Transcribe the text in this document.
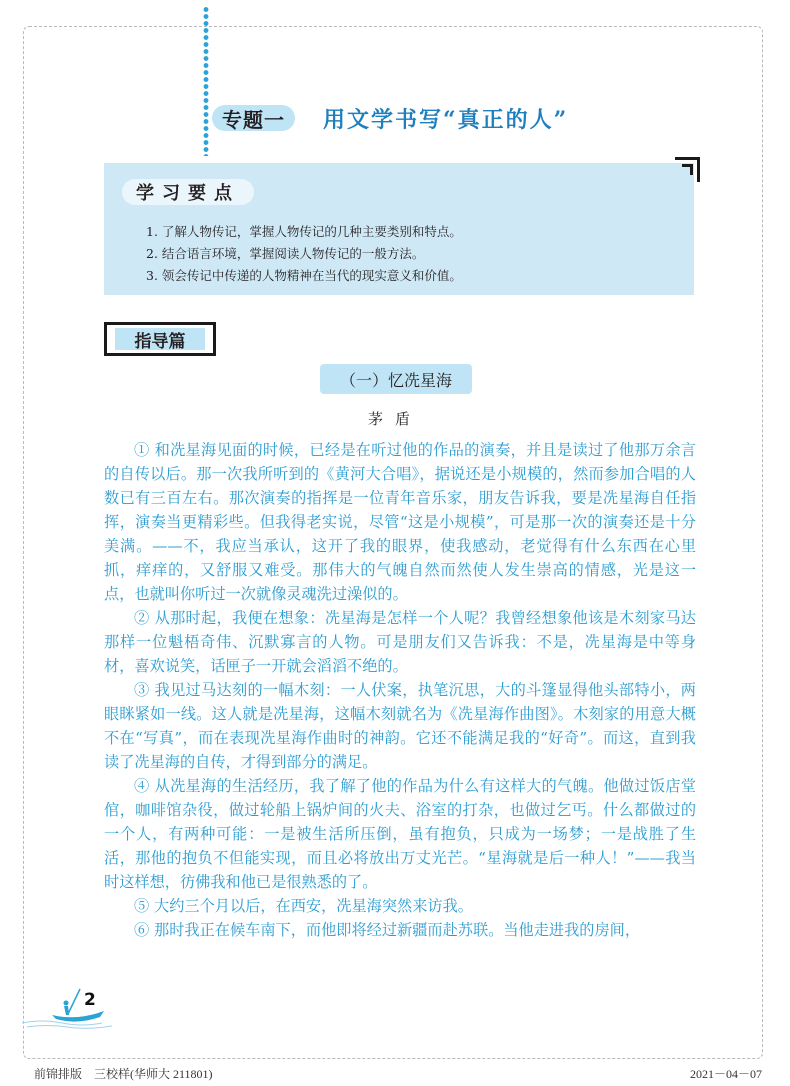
专题一	用文学书写“真正的人”
学习要点
1. 了解人物传记，掌握人物传记的几种主要类别和特点。
2. 结合语言环境，掌握阅读人物传记的一般方法。
3. 领会传记中传递的人物精神在当代的现实意义和价值。
指导篇
（一）忆冼星海
茅盾

① 和冼星海见面的时候，已经是在听过他的作品的演奏，并且是读过了他那万余言的自传以后。那一次我所听到的《黄河大合唱》，据说还是小规模的，然而参加合唱的人数已有三百左右。那次演奏的指挥是一位青年音乐家，朋友告诉我，要是冼星海自任指挥，演奏当更精彩些。但我得老实说，尽管“这是小规模”，可是那一次的演奏还是十分美满。——不，我应当承认，这开了我的眼界，使我感动，老觉得有什么东西在心里抓，痒痒的，又舒服又难受。那伟大的气魄自然而然使人发生崇高的情感，光是这一点，也就叫你听过一次就像灵魂洗过澡似的。

② 从那时起，我便在想象：冼星海是怎样一个人呢？我曾经想象他该是木刻家马达那样一位魁梧奇伟、沉默寡言的人物。可是朋友们又告诉我：不是，冼星海是中等身材，喜欢说笑，话匣子一开就会滔滔不绝的。

③ 我见过马达刻的一幅木刻：一人伏案，执笔沉思，大的斗篷显得他头部特小，两眼眯紧如一线。这人就是冼星海，这幅木刻就名为《冼星海作曲图》。木刻家的用意大概不在“写真”，而在表现冼星海作曲时的神韵。它还不能满足我的“好奇”。而这，直到我读了冼星海的自传，才得到部分的满足。

④ 从冼星海的生活经历，我了解了他的作品为什么有这样大的气魄。他做过饭店堂倌，咖啡馆杂役，做过轮船上锅炉间的火夫、浴室的打杂，也做过乞丐。什么都做过的一个人，有两种可能：一是被生活所压倒，虽有抱负，只成为一场梦；一是战胜了生活，那他的抱负不但能实现，而且必将放出万丈光芒。“星海就是后一种人！”——我当时这样想，彷佛我和他已是很熟悉的了。

⑤ 大约三个月以后，在西安，冼星海突然来访我。

⑥ 那时我正在候车南下，而他即将经过新疆而赴苏联。当他走进我的房间，

2
前锦排版　三校样(华师大 211801)	2021－04－07
